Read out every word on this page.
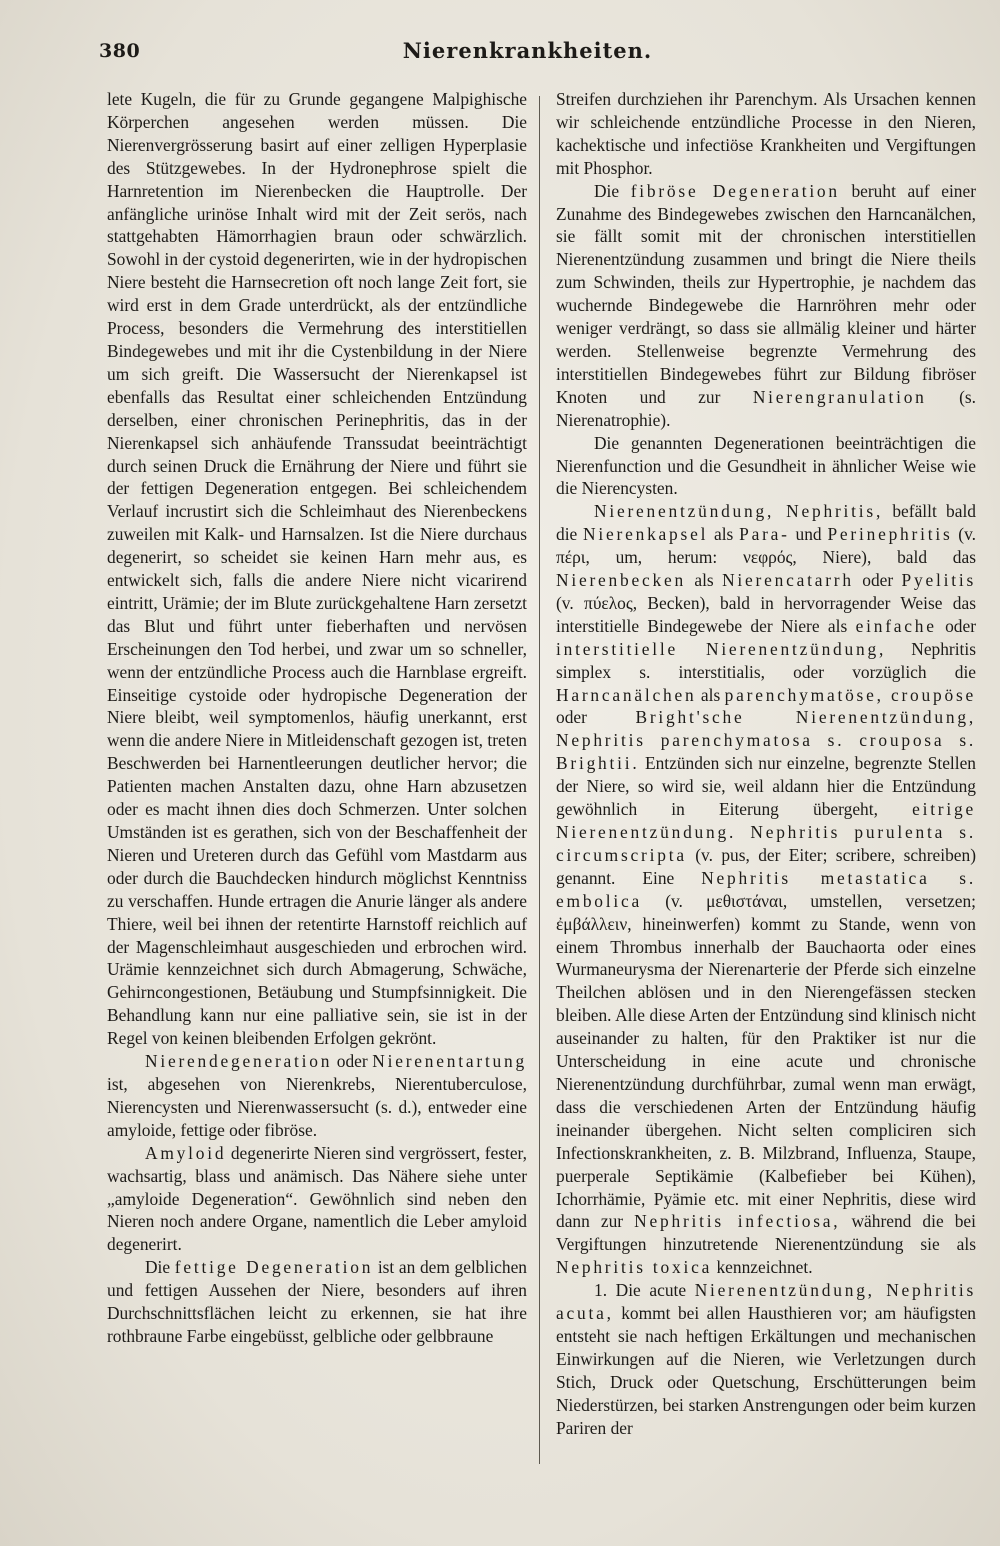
380	Nierenkrankheiten.

lete Kugeln, die für zu Grunde gegangene Malpighische Körperchen angesehen werden müssen. Die Nierenvergrösserung basirt auf einer zelligen Hyperplasie des Stützgewebes. In der Hydronephrose spielt die Harnretention im Nierenbecken die Hauptrolle. Der anfängliche urinöse Inhalt wird mit der Zeit serös, nach stattgehabten Hämorrhagien braun oder schwärzlich. Sowohl in der cystoid degenerirten, wie in der hydropischen Niere besteht die Harnsecretion oft noch lange Zeit fort, sie wird erst in dem Grade unterdrückt, als der entzündliche Process, besonders die Vermehrung des interstitiellen Bindegewebes und mit ihr die Cystenbildung in der Niere um sich greift. Die Wassersucht der Nierenkapsel ist ebenfalls das Resultat einer schleichenden Entzündung derselben, einer chronischen Perinephritis, das in der Nierenkapsel sich anhäufende Transsudat beeinträchtigt durch seinen Druck die Ernährung der Niere und führt sie der fettigen Degeneration entgegen. Bei schleichendem Verlauf incrustirt sich die Schleimhaut des Nierenbeckens zuweilen mit Kalk- und Harnsalzen. Ist die Niere durchaus degenerirt, so scheidet sie keinen Harn mehr aus, es entwickelt sich, falls die andere Niere nicht vicarirend eintritt, Urämie; der im Blute zurückgehaltene Harn zersetzt das Blut und führt unter fieberhaften und nervösen Erscheinungen den Tod herbei, und zwar um so schneller, wenn der entzündliche Process auch die Harnblase ergreift. Einseitige cystoide oder hydropische Degeneration der Niere bleibt, weil symptomenlos, häufig unerkannt, erst wenn die andere Niere in Mitleidenschaft gezogen ist, treten Beschwerden bei Harnentleerungen deutlicher hervor; die Patienten machen Anstalten dazu, ohne Harn abzusetzen oder es macht ihnen dies doch Schmerzen. Unter solchen Umständen ist es gerathen, sich von der Beschaffenheit der Nieren und Ureteren durch das Gefühl vom Mastdarm aus oder durch die Bauchdecken hindurch möglichst Kenntniss zu verschaffen. Hunde ertragen die Anurie länger als andere Thiere, weil bei ihnen der retentirte Harnstoff reichlich auf der Magenschleimhaut ausgeschieden und erbrochen wird. Urämie kennzeichnet sich durch Abmagerung, Schwäche, Gehirncongestionen, Betäubung und Stumpfsinnigkeit. Die Behandlung kann nur eine palliative sein, sie ist in der Regel von keinen bleibenden Erfolgen gekrönt.

Nierendegeneration oder Nierenentartung ist, abgesehen von Nierenkrebs, Nierentuberculose, Nierencysten und Nierenwassersucht (s. d.), entweder eine amyloide, fettige oder fibröse.

Amyloid degenerirte Nieren sind vergrössert, fester, wachsartig, blass und anämisch. Das Nähere siehe unter „amyloide Degeneration“. Gewöhnlich sind neben den Nieren noch andere Organe, namentlich die Leber amyloid degenerirt.

Die fettige Degeneration ist an dem gelblichen und fettigen Aussehen der Niere, besonders auf ihren Durchschnittsflächen leicht zu erkennen, sie hat ihre rothbraune Farbe eingebüsst, gelbliche oder gelbbraune

Streifen durchziehen ihr Parenchym. Als Ursachen kennen wir schleichende entzündliche Processe in den Nieren, kachektische und infectiöse Krankheiten und Vergiftungen mit Phosphor.

Die fibröse Degeneration beruht auf einer Zunahme des Bindegewebes zwischen den Harncanälchen, sie fällt somit mit der chronischen interstitiellen Nierenentzündung zusammen und bringt die Niere theils zum Schwinden, theils zur Hypertrophie, je nachdem das wuchernde Bindegewebe die Harnröhren mehr oder weniger verdrängt, so dass sie allmälig kleiner und härter werden. Stellenweise begrenzte Vermehrung des interstitiellen Bindegewebes führt zur Bildung fibröser Knoten und zur Nierengranulation (s. Nierenatrophie).

Die genannten Degenerationen beeinträchtigen die Nierenfunction und die Gesundheit in ähnlicher Weise wie die Nierencysten.

Nierenentzündung, Nephritis, befällt bald die Nierenkapsel als Para- und Perinephritis (v. πέρι, um, herum: νεφρός, Niere), bald das Nierenbecken als Nierencatarrh oder Pyelitis (v. πύελος, Becken), bald in hervorragender Weise das interstitielle Bindegewebe der Niere als einfache oder interstitielle Nierenentzündung, Nephritis simplex s. interstitialis, oder vorzüglich die Harncanälchen als parenchymatöse, croupöse oder Bright'sche Nierenentzündung, Nephritis parenchymatosa s. crouposa s. Brightii. Entzünden sich nur einzelne, begrenzte Stellen der Niere, so wird sie, weil aldann hier die Entzündung gewöhnlich in Eiterung übergeht, eitrige Nierenentzündung. Nephritis purulenta s. circumscripta (v. pus, der Eiter; scribere, schreiben) genannt. Eine Nephritis metastatica s. embolica (v. μεθιστάναι, umstellen, versetzen; ἐμβάλλειν, hineinwerfen) kommt zu Stande, wenn von einem Thrombus innerhalb der Bauchaorta oder eines Wurmaneurysma der Nierenarterie der Pferde sich einzelne Theilchen ablösen und in den Nierengefässen stecken bleiben. Alle diese Arten der Entzündung sind klinisch nicht auseinander zu halten, für den Praktiker ist nur die Unterscheidung in eine acute und chronische Nierenentzündung durchführbar, zumal wenn man erwägt, dass die verschiedenen Arten der Entzündung häufig ineinander übergehen. Nicht selten compliciren sich Infectionskrankheiten, z. B. Milzbrand, Influenza, Staupe, puerperale Septikämie (Kalbefieber bei Kühen), Ichorrhämie, Pyämie etc. mit einer Nephritis, diese wird dann zur Nephritis infectiosa, während die bei Vergiftungen hinzutretende Nierenentzündung sie als Nephritis toxica kennzeichnet.

1. Die acute Nierenentzündung, Nephritis acuta, kommt bei allen Hausthieren vor; am häufigsten entsteht sie nach heftigen Erkältungen und mechanischen Einwirkungen auf die Nieren, wie Verletzungen durch Stich, Druck oder Quetschung, Erschütterungen beim Niederstürzen, bei starken Anstrengungen oder beim kurzen Pariren der
